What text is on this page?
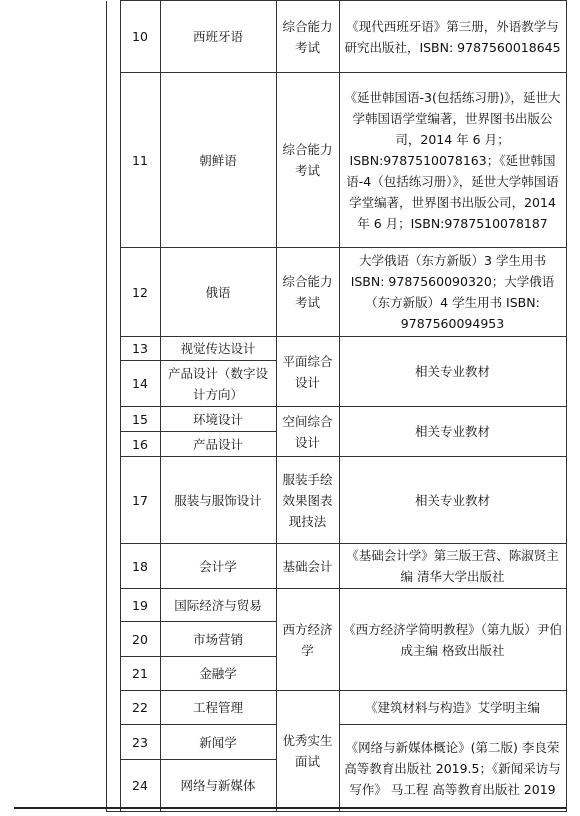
		10	西班牙语	综合能力考试	《现代西班牙语》第三册，外语教学与研究出版社，ISBN: 9787560018645
		11	朝鲜语	综合能力考试	《延世韩国语-3(包括练习册)》，延世大学韩国语学堂编著，世界图书出版公司，2014 年 6 月；ISBN:9787510078163；《延世韩国语-4（包括练习册）》，延世大学韩国语学堂编著，世界图书出版公司，2014 年 6 月；ISBN:9787510078187
		12	俄语	综合能力考试	大学俄语（东方新版）3 学生用书 ISBN: 9787560090320；大学俄语（东方新版）4 学生用书 ISBN: 9787560094953
		13	视觉传达设计	平面综合设计	相关专业教材
		14	产品设计（数字设计方向）		
		15	环境设计	空间综合设计	相关专业教材
		16	产品设计		
		17	服装与服饰设计	服装手绘效果图表现技法	相关专业教材
		18	会计学	基础会计	《基础会计学》第三版王营、陈淑贤主编 清华大学出版社
		19	国际经济与贸易	西方经济学	《西方经济学简明教程》（第九版）尹伯成主编 格致出版社
		20	市场营销		
		21	金融学		
		22	工程管理	优秀实生面试	《建筑材料与构造》艾学明主编
		23	新闻学		《网络与新媒体概论》(第二版) 李良荣 高等教育出版社 2019.5；《新闻采访与写作》 马工程 高等教育出版社 2019
		24	网络与新媒体		
